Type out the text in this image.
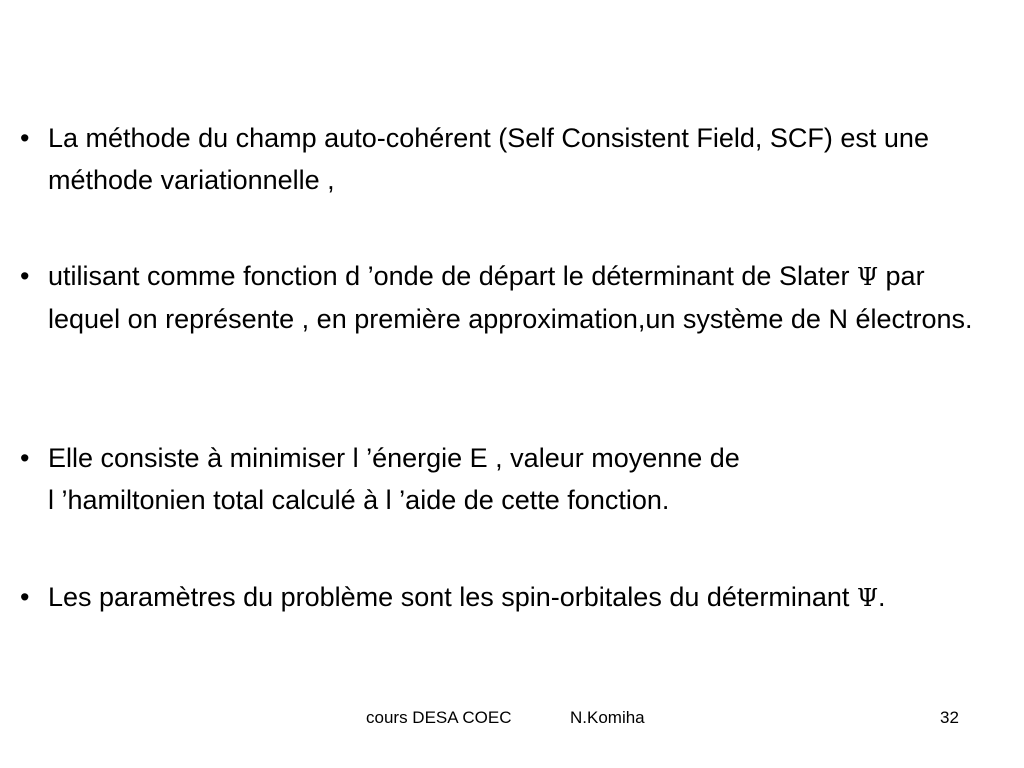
• La méthode du champ auto-cohérent (Self Consistent Field, SCF) est une méthode variationnelle ,
• utilisant comme fonction d ’onde de départ le déterminant de Slater Ψ par lequel on représente , en première approximation,un système de N électrons.
• Elle consiste à minimiser l ’énergie E , valeur moyenne de
l ’hamiltonien total calculé à l ’aide de cette fonction.
• Les paramètres du problème sont les spin-orbitales du déterminant Ψ.
cours DESA COEC	N.Komiha	32
